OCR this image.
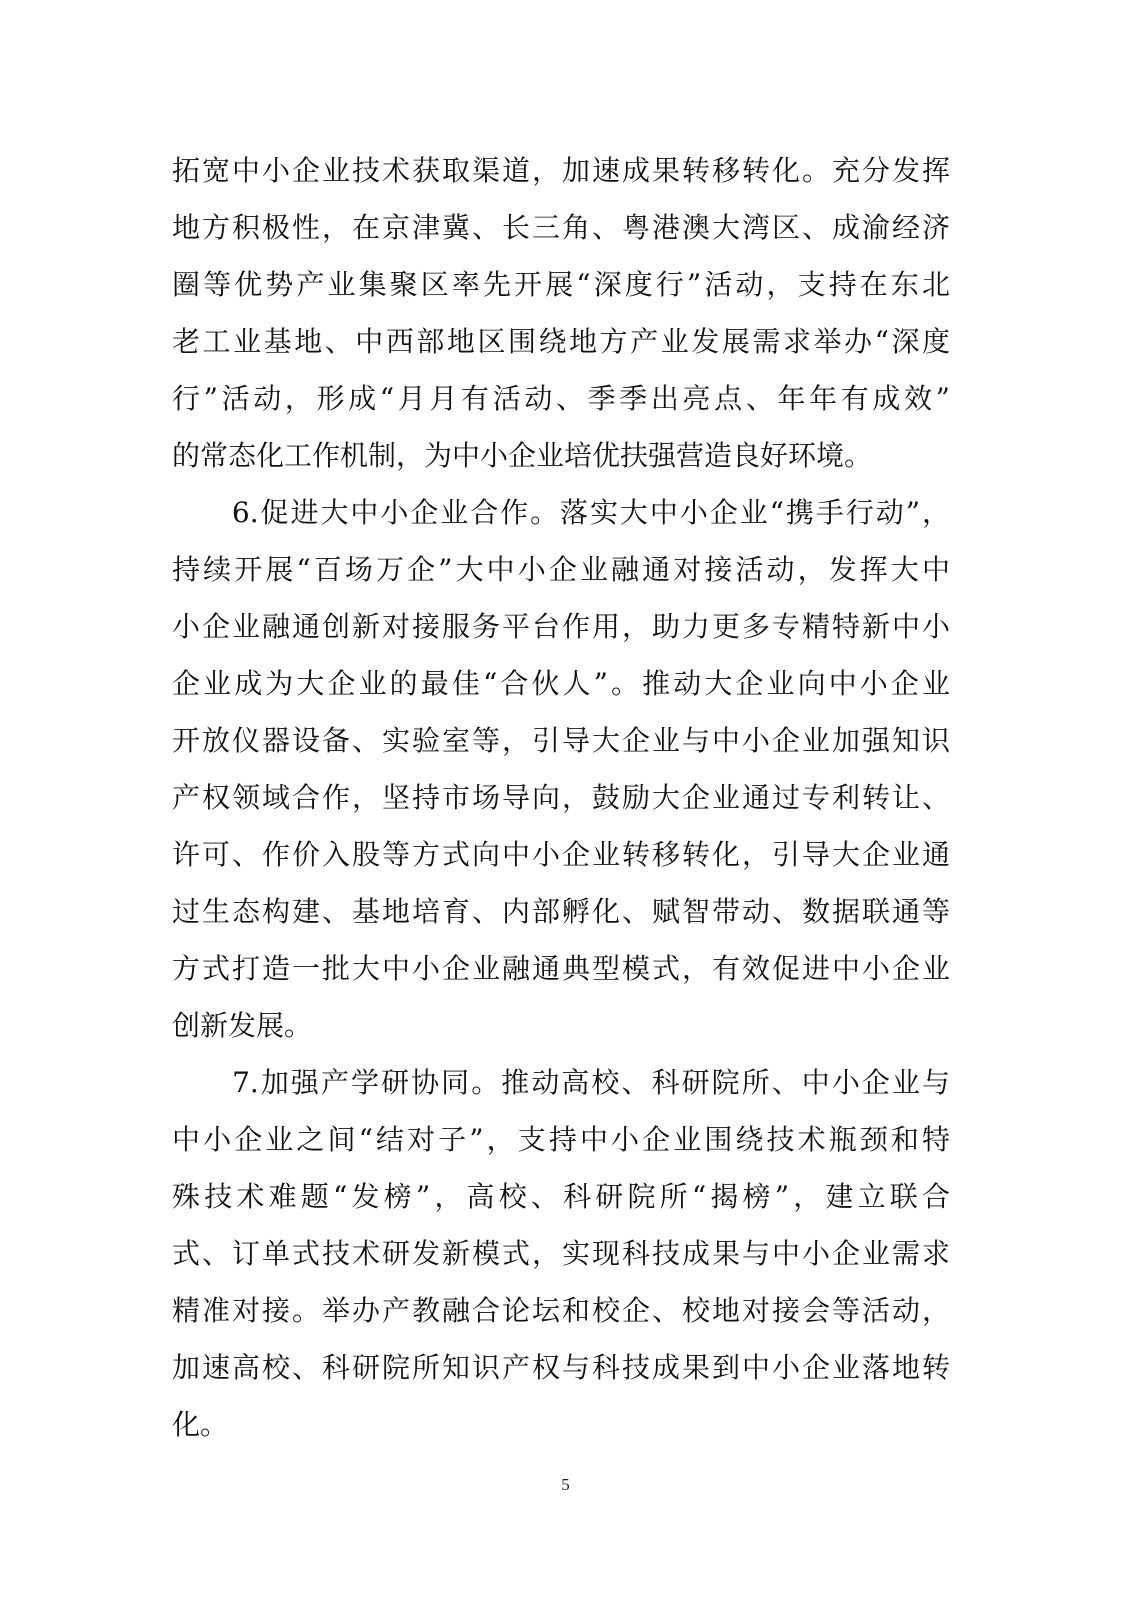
拓宽中小企业技术获取渠道，加速成果转移转化。充分发挥
地方积极性，在京津冀、长三角、粤港澳大湾区、成渝经济
圈等优势产业集聚区率先开展“深度行”活动，支持在东北
老工业基地、中西部地区围绕地方产业发展需求举办“深度
行”活动，形成“月月有活动、季季出亮点、年年有成效”
的常态化工作机制，为中小企业培优扶强营造良好环境。
　　6.促进大中小企业合作。落实大中小企业“携手行动”，
持续开展“百场万企”大中小企业融通对接活动，发挥大中
小企业融通创新对接服务平台作用，助力更多专精特新中小
企业成为大企业的最佳“合伙人”。推动大企业向中小企业
开放仪器设备、实验室等，引导大企业与中小企业加强知识
产权领域合作，坚持市场导向，鼓励大企业通过专利转让、
许可、作价入股等方式向中小企业转移转化，引导大企业通
过生态构建、基地培育、内部孵化、赋智带动、数据联通等
方式打造一批大中小企业融通典型模式，有效促进中小企业
创新发展。
　　7.加强产学研协同。推动高校、科研院所、中小企业与
中小企业之间“结对子”，支持中小企业围绕技术瓶颈和特
殊技术难题“发榜”，高校、科研院所“揭榜”，建立联合
式、订单式技术研发新模式，实现科技成果与中小企业需求
精准对接。举办产教融合论坛和校企、校地对接会等活动，
加速高校、科研院所知识产权与科技成果到中小企业落地转
化。
5
